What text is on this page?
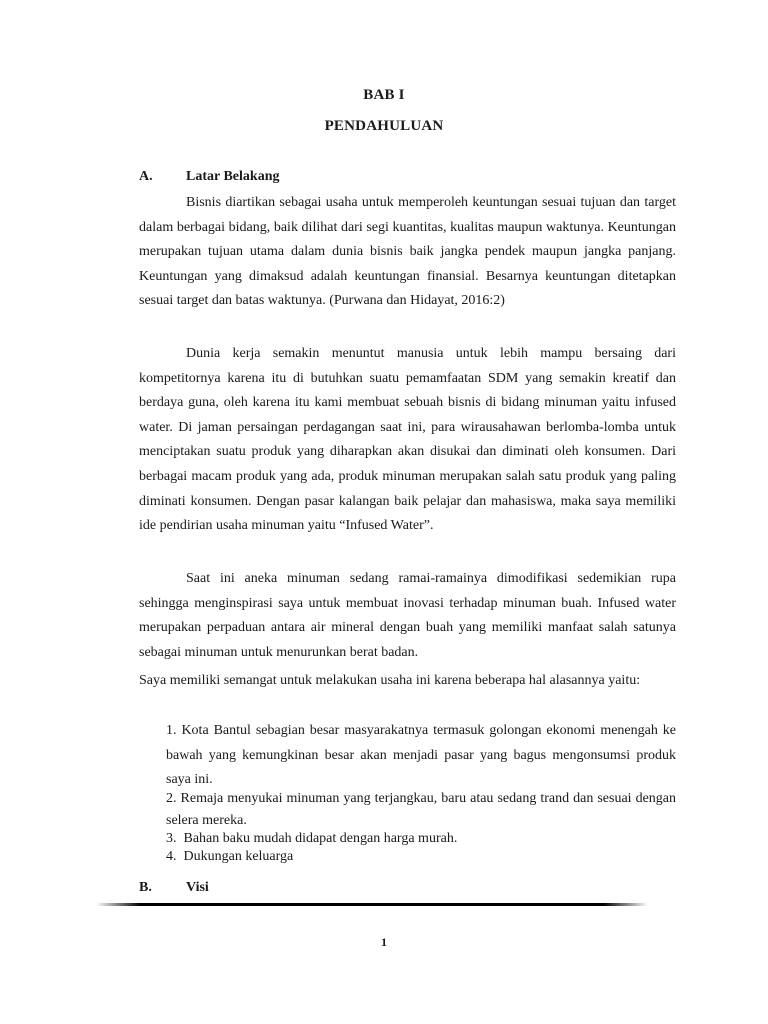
BAB I
PENDAHULUAN
A. Latar Belakang

Bisnis diartikan sebagai usaha untuk memperoleh keuntungan sesuai tujuan dan target dalam berbagai bidang, baik dilihat dari segi kuantitas, kualitas maupun waktunya. Keuntungan merupakan tujuan utama dalam dunia bisnis baik jangka pendek maupun jangka panjang. Keuntungan yang dimaksud adalah keuntungan finansial. Besarnya keuntungan ditetapkan sesuai target dan batas waktunya. (Purwana dan Hidayat, 2016:2)

Dunia kerja semakin menuntut manusia untuk lebih mampu bersaing dari kompetitornya karena itu di butuhkan suatu pemamfaatan SDM yang semakin kreatif dan berdaya guna, oleh karena itu kami membuat sebuah bisnis di bidang minuman yaitu infused water. Di jaman persaingan perdagangan saat ini, para wirausahawan berlomba-lomba untuk menciptakan suatu produk yang diharapkan akan disukai dan diminati oleh konsumen. Dari berbagai macam produk yang ada, produk minuman merupakan salah satu produk yang paling diminati konsumen. Dengan pasar kalangan baik pelajar dan mahasiswa, maka saya memiliki ide pendirian usaha minuman yaitu “Infused Water”.

Saat ini aneka minuman sedang ramai-ramainya dimodifikasi sedemikian rupa sehingga menginspirasi saya untuk membuat inovasi terhadap minuman buah. Infused water merupakan perpaduan antara air mineral dengan buah yang memiliki manfaat salah satunya sebagai minuman untuk menurunkan berat badan.

Saya memiliki semangat untuk melakukan usaha ini karena beberapa hal alasannya yaitu:

1. Kota Bantul sebagian besar masyarakatnya termasuk golongan ekonomi menengah ke bawah yang kemungkinan besar akan menjadi pasar yang bagus mengonsumsi produk saya ini.
2. Remaja menyukai minuman yang terjangkau, baru atau sedang trand dan sesuai dengan selera mereka.
3. Bahan baku mudah didapat dengan harga murah.
4. Dukungan keluarga
B. Visi
1
